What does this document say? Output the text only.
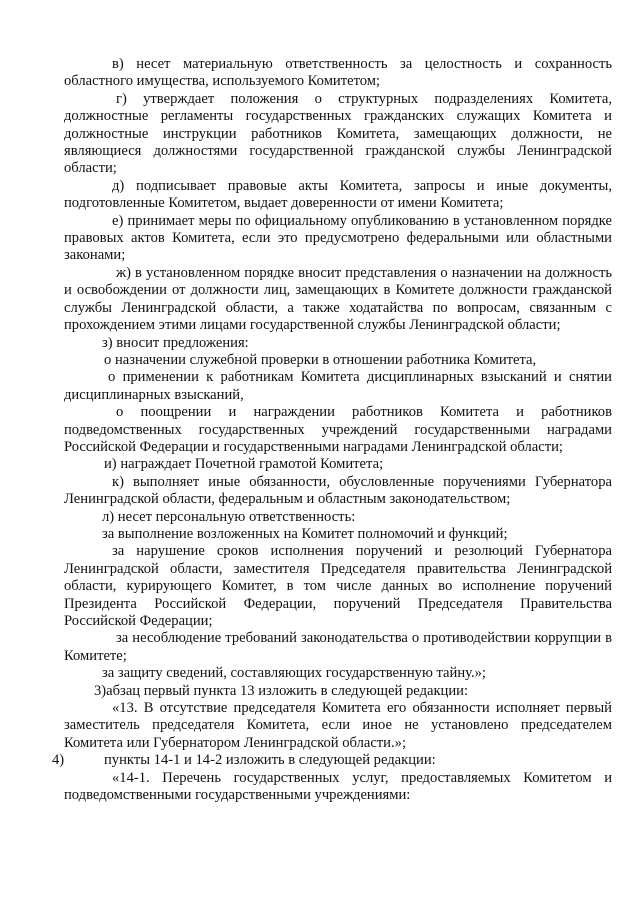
в) несет материальную ответственность за целостность и сохранность областного имущества, используемого Комитетом;

г) утверждает положения о структурных подразделениях Комитета, должностные регламенты государственных гражданских служащих Комитета и должностные инструкции работников Комитета, замещающих должности, не являющиеся должностями государственной гражданской службы Ленинградской области;

д) подписывает правовые акты Комитета, запросы и иные документы, подготовленные Комитетом, выдает доверенности от имени Комитета;

е) принимает меры по официальному опубликованию в установленном порядке правовых актов Комитета, если это предусмотрено федеральными или областными законами;

ж) в установленном порядке вносит представления о назначении на должность и освобождении от должности лиц, замещающих в Комитете должности гражданской службы Ленинградской области, а также ходатайства по вопросам, связанным с прохождением этими лицами государственной службы Ленинградской области;

з) вносит предложения:

о назначении служебной проверки в отношении работника Комитета,

о применении к работникам Комитета дисциплинарных взысканий и снятии дисциплинарных взысканий,

о поощрении и награждении работников Комитета и работников подведомственных государственных учреждений государственными наградами Российской Федерации и государственными наградами Ленинградской области;

и) награждает Почетной грамотой Комитета;

к) выполняет иные обязанности, обусловленные поручениями Губернатора Ленинградской области, федеральным и областным законодательством;

л) несет персональную ответственность:

за выполнение возложенных на Комитет полномочий и функций;

за нарушение сроков исполнения поручений и резолюций Губернатора Ленинградской области, заместителя Председателя правительства Ленинградской области, курирующего Комитет, в том числе данных во исполнение поручений Президента Российской Федерации, поручений Председателя Правительства Российской Федерации;

за несоблюдение требований законодательства о противодействии коррупции в Комитете;

за защиту сведений, составляющих государственную тайну.»;

3)абзац первый пункта 13 изложить в следующей редакции:

«13. В отсутствие председателя Комитета его обязанности исполняет первый заместитель председателя Комитета, если иное не установлено председателем Комитета или Губернатором Ленинградской области.»;

4)	пункты 14-1 и 14-2 изложить в следующей редакции:

«14-1. Перечень государственных услуг, предоставляемых Комитетом и подведомственными государственными учреждениями:
